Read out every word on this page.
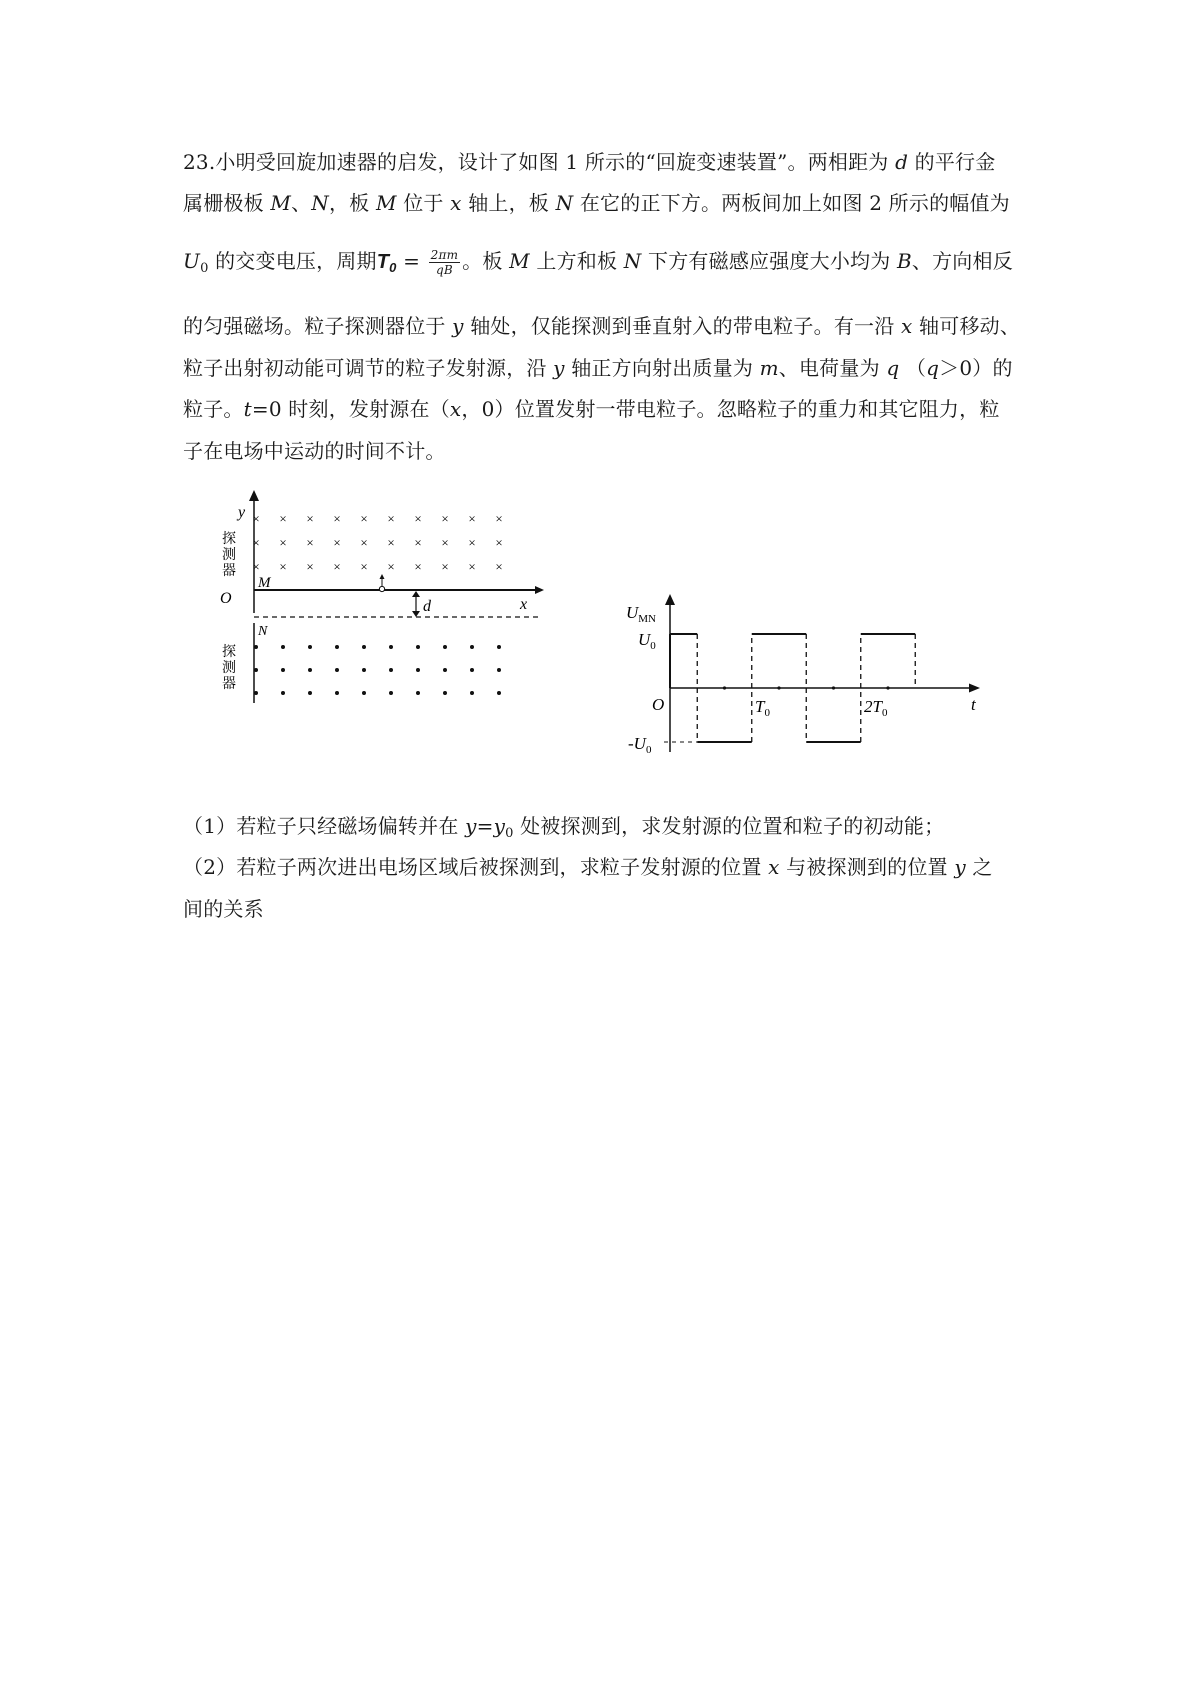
23.小明受回旋加速器的启发，设计了如图 1 所示的“回旋变速装置”。两相距为 d 的平行金
属栅极板 M、N，板 M 位于 x 轴上，板 N 在它的正下方。两板间加上如图 2 所示的幅值为
$U_0$ 的交变电压，周期$T_0 = \frac{2\pi m}{qB}$ 。板 M 上方和板 N 下方有磁感应强度大小均为 B、方向相反
的匀强磁场。粒子探测器位于 y 轴处，仅能探测到垂直射入的带电粒子。有一沿 x 轴可移动、
粒子出射初动能可调节的粒子发射源，沿 y 轴正方向射出质量为 m、电荷量为 q （q＞0）的
粒子。t=0 时刻，发射源在（x，0）位置发射一带电粒子。忽略粒子的重力和其它阻力，粒
子在电场中运动的时间不计。
× × × × × × × × × ×
× × × × × × × × × ×
× × × × × × × × × ×
y
x
O
M
N
d
探
测
器
探
测
器
$U_{MN}$
t
O
$U_0$
$-U_0$
$T_0$	$2T_0$
（1）若粒子只经磁场偏转并在 $y=y_0$ 处被探测到，求发射源的位置和粒子的初动能；
（2）若粒子两次进出电场区域后被探测到，求粒子发射源的位置 x 与被探测到的位置 y 之
间的关系
